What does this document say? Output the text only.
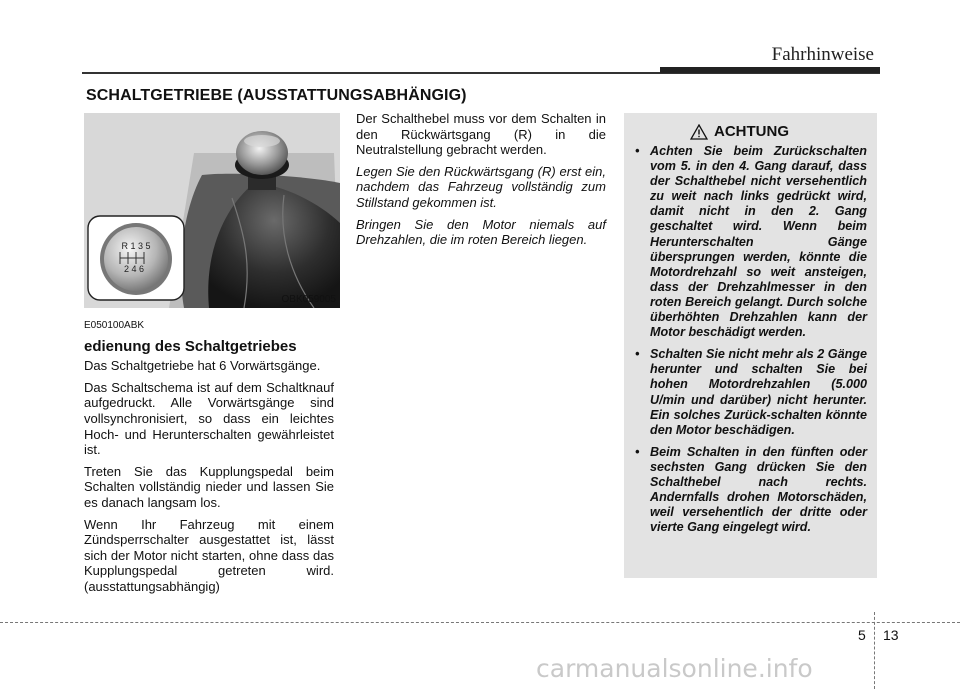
Fahrhinweise
SCHALTGETRIEBE (AUSSTATTUNGSABHÄNGIG)
R 1 3 5
2 4 6
OBK059005
E050100ABK
edienung des Schaltgetriebes

Das Schaltgetriebe hat 6 Vorwärtsgänge.

Das Schaltschema ist auf dem Schaltknauf aufgedruckt. Alle Vorwärtsgänge sind vollsynchronisiert, so dass ein leichtes Hoch- und Herunterschalten gewährleistet ist.

Treten Sie das Kupplungspedal beim Schalten vollständig nieder und lassen Sie es danach langsam los.

Wenn Ihr Fahrzeug mit einem Zündsperrschalter ausgestattet ist, lässt sich der Motor nicht starten, ohne dass das Kupplungspedal getreten wird. (ausstattungsabhängig)

Der Schalthebel muss vor dem Schalten in den Rückwärtsgang (R) in die Neutralstellung gebracht werden.

Legen Sie den Rückwärtsgang (R) erst ein, nachdem das Fahrzeug vollständig zum Stillstand gekommen ist.

Bringen Sie den Motor niemals auf Drehzahlen, die im roten Bereich liegen.

ACHTUNG
• Achten Sie beim Zurückschalten vom 5. in den 4. Gang darauf, dass der Schalthebel nicht versehentlich zu weit nach links gedrückt wird, damit nicht in den 2. Gang geschaltet wird. Wenn beim Herunterschalten Gänge übersprungen werden, könnte die Motordrehzahl so weit ansteigen, dass der Drehzahlmesser in den roten Bereich gelangt. Durch solche überhöhten Drehzahlen kann der Motor beschädigt werden.
• Schalten Sie nicht mehr als 2 Gänge herunter und schalten Sie bei hohen Motordrehzahlen (5.000 U/min und darüber) nicht herunter. Ein solches Zurück-schalten könnte den Motor beschädigen.
• Beim Schalten in den fünften oder sechsten Gang drücken Sie den Schalthebel nach rechts. Andernfalls drohen Motorschäden, weil versehentlich der dritte oder vierte Gang eingelegt wird.
5 13
carmanualsonline.info
